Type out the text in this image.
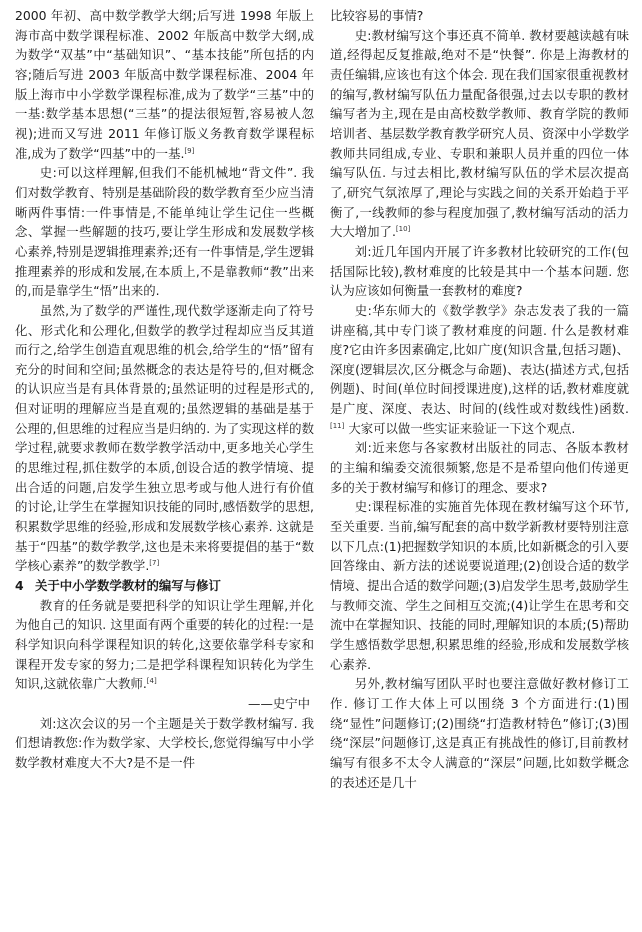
2000 年初、高中数学教学大纲;后写进 1998 年版上海市高中数学课程标准、2002 年版高中数学大纲,成为数学“双基”中“基础知识”、“基本技能”所包括的内容;随后写进 2003 年版高中数学课程标准、2004 年版上海市中小学数学课程标准,成为了数学“三基”中的一基:数学基本思想(“三基”的提法很短暂,容易被人忽视);进而又写进 2011 年修订版义务教育数学课程标准,成为了数学“四基”中的一基.[9]

史:可以这样理解,但我们不能机械地“背文件”. 我们对数学教育、特别是基础阶段的数学教育至少应当清晰两件事情:一件事情是,不能单纯让学生记住一些概念、掌握一些解题的技巧,要让学生形成和发展数学核心素养,特别是逻辑推理素养;还有一件事情是,学生逻辑推理素养的形成和发展,在本质上,不是靠教师“教”出来的,而是靠学生“悟”出来的.

虽然,为了数学的严谨性,现代数学逐渐走向了符号化、形式化和公理化,但数学的教学过程却应当反其道而行之,给学生创造直观思维的机会,给学生的“悟”留有充分的时间和空间;虽然概念的表达是符号的,但对概念的认识应当是有具体背景的;虽然证明的过程是形式的,但对证明的理解应当是直观的;虽然逻辑的基础是基于公理的,但思维的过程应当是归纳的. 为了实现这样的数学过程,就要求教师在数学教学活动中,更多地关心学生的思维过程,抓住数学的本质,创设合适的教学情境、提出合适的问题,启发学生独立思考或与他人进行有价值的讨论,让学生在掌握知识技能的同时,感悟数学的思想,积累数学思维的经验,形成和发展数学核心素养. 这就是基于“四基”的数学教学,这也是未来将要提倡的基于“数学核心素养”的数学教学.[7]

4 关于中小学数学教材的编写与修订

教育的任务就是要把科学的知识让学生理解,并化为他自己的知识. 这里面有两个重要的转化的过程:一是科学知识向科学课程知识的转化,这要依靠学科专家和课程开发专家的努力;二是把学科课程知识转化为学生知识,这就依靠广大教师.[4]

——史宁中

刘:这次会议的另一个主题是关于数学教材编写. 我们想请教您:作为数学家、大学校长,您觉得编写中小学数学教材难度大不大?是不是一件

比较容易的事情?

史:教材编写这个事还真不简单. 教材要越读越有味道,经得起反复推敲,绝对不是“快餐”. 你是上海教材的责任编辑,应该也有这个体会. 现在我们国家很重视教材的编写,教材编写队伍力量配备很强,过去以专职的教材编写者为主,现在是由高校数学教师、教育学院的教师培训者、基层数学教育教学研究人员、资深中小学数学教师共同组成,专业、专职和兼职人员并重的四位一体编写队伍. 与过去相比,教材编写队伍的学术层次提高了,研究气氛浓厚了,理论与实践之间的关系开始趋于平衡了,一线教师的参与程度加强了,教材编写活动的活力大大增加了.[10]

刘:近几年国内开展了许多教材比较研究的工作(包括国际比较),教材难度的比较是其中一个基本问题. 您认为应该如何衡量一套教材的难度?

史:华东师大的《数学教学》杂志发表了我的一篇讲座稿,其中专门谈了教材难度的问题. 什么是教材难度?它由许多因素确定,比如广度(知识含量,包括习题)、深度(逻辑层次,区分概念与命题)、表达(描述方式,包括例题)、时间(单位时间授课进度),这样的话,教材难度就是广度、深度、表达、时间的(线性或对数线性)函数.[11] 大家可以做一些实证来验证一下这个观点.

刘:近来您与各家教材出版社的同志、各版本教材的主编和编委交流很频繁,您是不是希望向他们传递更多的关于教材编写和修订的理念、要求?

史:课程标准的实施首先体现在教材编写这个环节,至关重要. 当前,编写配套的高中数学新教材要特别注意以下几点:(1)把握数学知识的本质,比如新概念的引入要回答缘由、新方法的述说要说道理;(2)创设合适的数学情境、提出合适的数学问题;(3)启发学生思考,鼓励学生与教师交流、学生之间相互交流;(4)让学生在思考和交流中在掌握知识、技能的同时,理解知识的本质;(5)帮助学生感悟数学思想,积累思维的经验,形成和发展数学核心素养.

另外,教材编写团队平时也要注意做好教材修订工作. 修订工作大体上可以围绕 3 个方面进行:(1)围绕“显性”问题修订;(2)围绕“打造教材特色”修订;(3)围绕“深层”问题修订,这是真正有挑战性的修订,目前教材编写有很多不太令人满意的“深层”问题,比如数学概念的表述还是几十
